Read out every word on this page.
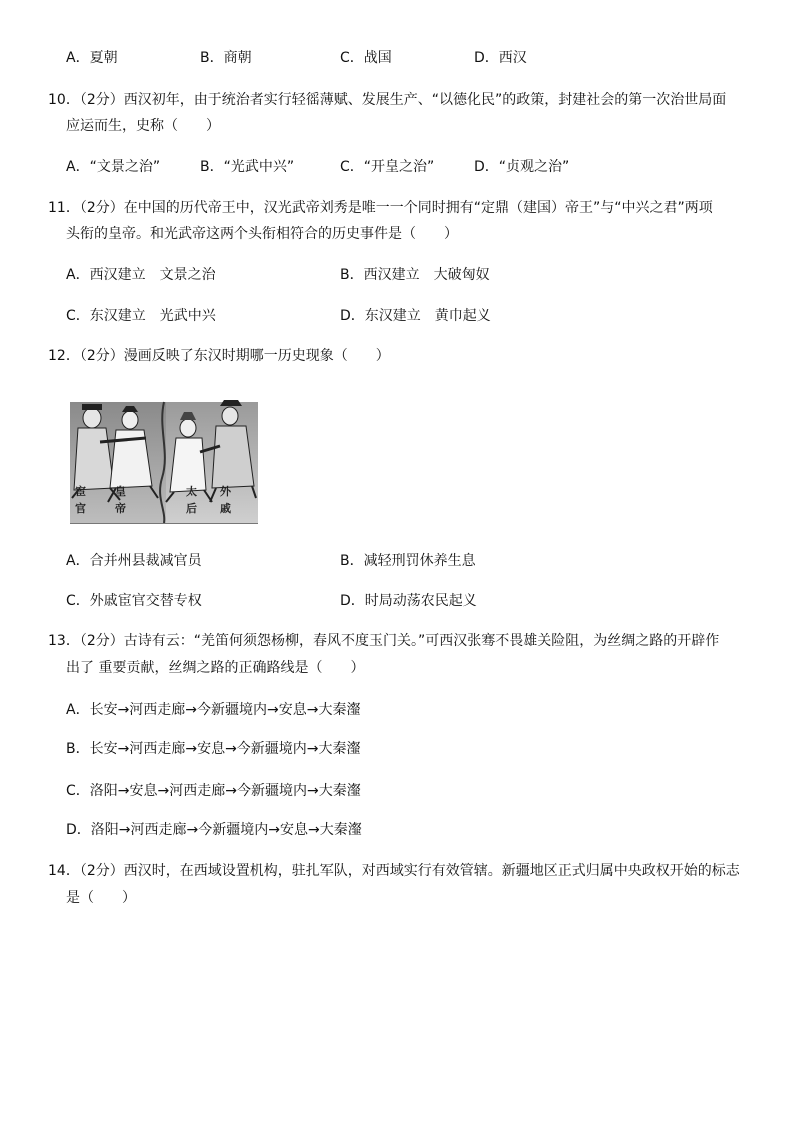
A．夏朝	B．商朝	C．战国	D．西汉
10．（2分）西汉初年，由于统治者实行轻徭薄赋、发展生产、“以德化民”的政策，封建社会的第一次治世局面
应运而生，史称（　　）
A．“文景之治”	B．“光武中兴”	C．“开皇之治”	D．“贞观之治”
11．（2分）在中国的历代帝王中，汉光武帝刘秀是唯一一个同时拥有“定鼎（建国）帝王”与“中兴之君”两项
头衔的皇帝。和光武帝这两个头衔相符合的历史事件是（　　）
A．西汉建立　文景之治	B．西汉建立　大破匈奴
C．东汉建立　光武中兴	D．东汉建立　黄巾起义
12．（2分）漫画反映了东汉时期哪一历史现象（　　）
宦
官
皇
帝
太
后
外
戚
A．合并州县裁减官员	B．减轻刑罚休养生息
C．外戚宦官交替专权	D．时局动荡农民起义
13．（2分）古诗有云：“羌笛何须怨杨柳，春风不度玉门关。”可西汉张骞不畏雄关险阻，为丝绸之路的开辟作
出了 重要贡献，丝绸之路的正确路线是（　　）
A．长安→河西走廊→今新疆境内→安息→大秦瀣
B．长安→河西走廊→安息→今新疆境内→大秦瀣
C．洛阳→安息→河西走廊→今新疆境内→大秦瀣
D．洛阳→河西走廊→今新疆境内→安息→大秦瀣
14．（2分）西汉时，在西域设置机构，驻扎军队，对西域实行有效管辖。新疆地区正式归属中央政权开始的标志
是（　　）
